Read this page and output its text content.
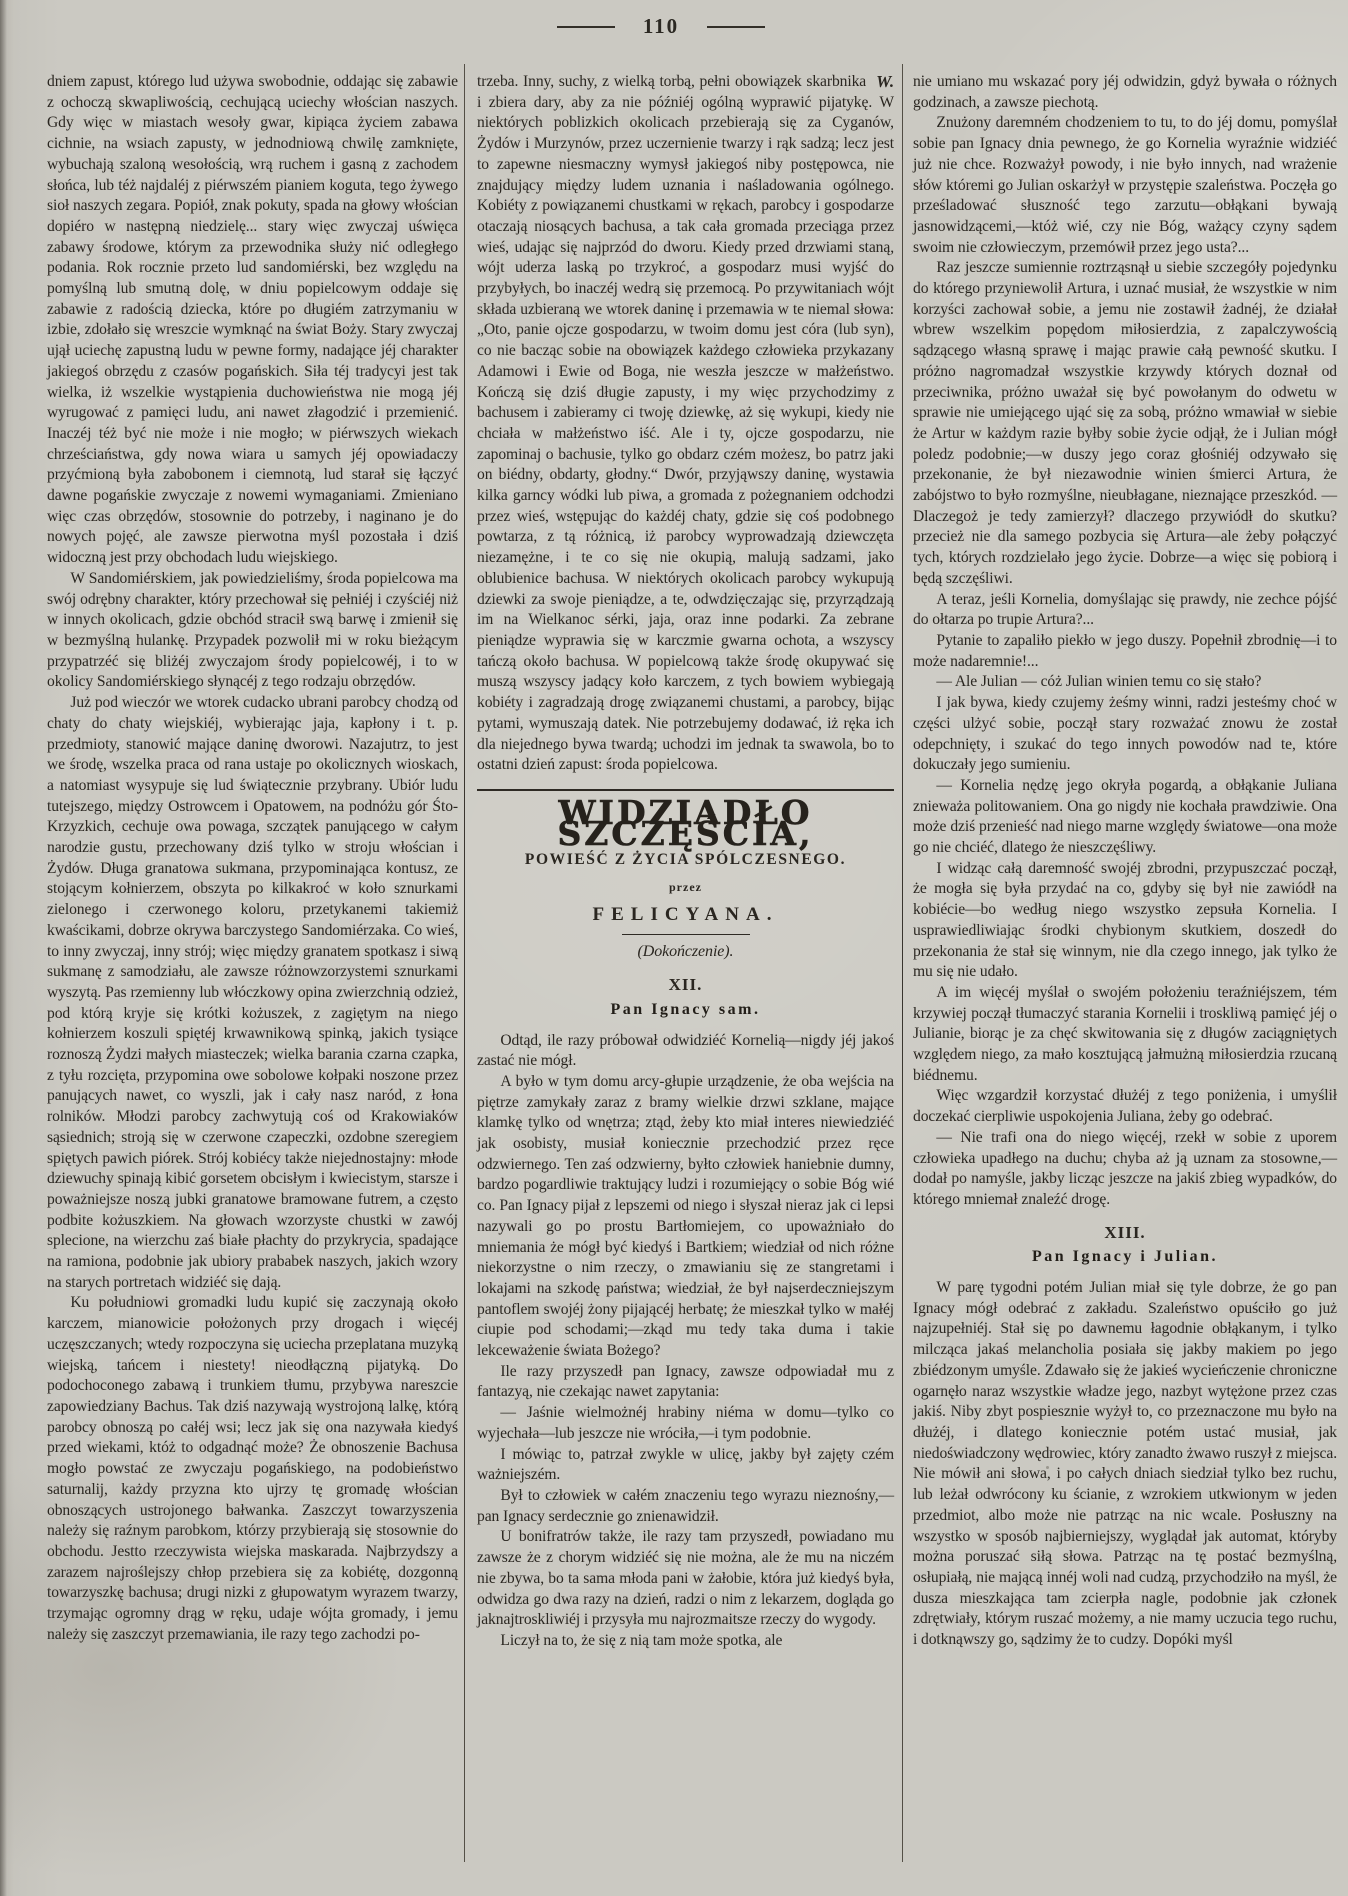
110

dniem zapust, którego lud używa swobodnie, oddając się zabawie z ochoczą skwapliwością, cechującą uciechy włościan naszych. Gdy więc w miastach wesoły gwar, kipiąca życiem zabawa cichnie, na wsiach zapusty, w jednodniową chwilę zamknięte, wybuchają szaloną wesołością, wrą ruchem i gasną z zachodem słońca, lub téż najdaléj z piérwszém pianiem koguta, tego żywego sioł naszych zegara. Popiół, znak pokuty, spada na głowy włościan dopiéro w następną niedzielę... stary więc zwyczaj uświęca zabawy środowe, którym za przewodnika służy nić odległego podania. Rok rocznie przeto lud sandomiérski, bez względu na pomyślną lub smutną dolę, w dniu popielcowym oddaje się zabawie z radością dziecka, które po długiém zatrzymaniu w izbie, zdołało się wreszcie wymknąć na świat Boży. Stary zwyczaj ujął uciechę zapustną ludu w pewne formy, nadające jéj charakter jakiegoś obrzędu z czasów pogańskich. Siła téj tradycyi jest tak wielka, iż wszelkie wystąpienia duchowieństwa nie mogą jéj wyrugować z pamięci ludu, ani nawet złagodzić i przemienić. Inaczéj téż być nie może i nie mogło; w piérwszych wiekach chrześciaństwa, gdy nowa wiara u samych jéj opowiadaczy przyćmioną była zabobonem i ciemnotą, lud starał się łączyć dawne pogańskie zwyczaje z nowemi wymaganiami. Zmieniano więc czas obrzędów, stosownie do potrzeby, i naginano je do nowych pojęć, ale zawsze pierwotna myśl pozostała i dziś widoczną jest przy obchodach ludu wiejskiego.

W Sandomiérskiem, jak powiedzieliśmy, środa popielcowa ma swój odrębny charakter, który przechował się pełniéj i czyściéj niż w innych okolicach, gdzie obchód stracił swą barwę i zmienił się w bezmyślną hulankę. Przypadek pozwolił mi w roku bieżącym przypatrzéć się bliżéj zwyczajom środy popielcowéj, i to w okolicy Sandomiérskiego słynącéj z tego rodzaju obrzędów.

Już pod wieczór we wtorek cudacko ubrani parobcy chodzą od chaty do chaty wiejskiéj, wybierając jaja, kapłony i t. p. przedmioty, stanowić mające daninę dworowi. Nazajutrz, to jest we środę, wszelka praca od rana ustaje po okolicznych wioskach, a natomiast wysypuje się lud świątecznie przybrany. Ubiór ludu tutejszego, między Ostrowcem i Opatowem, na podnóżu gór Śto-Krzyzkich, cechuje owa powaga, szczątek panującego w całym narodzie gustu, przechowany dziś tylko w stroju włościan i Żydów. Długa granatowa sukmana, przypominająca kontusz, ze stojącym kołnierzem, obszyta po kilkakroć w koło sznurkami zielonego i czerwonego koloru, przetykanemi takiemiż kwaścikami, dobrze okrywa barczystego Sandomiérzaka. Co wieś, to inny zwyczaj, inny strój; więc między granatem spotkasz i siwą sukmanę z samodziału, ale zawsze różnowzorzystemi sznurkami wyszytą. Pas rzemienny lub włóczkowy opina zwierzchnią odzież, pod którą kryje się krótki kożuszek, z zagiętym na niego kołnierzem koszuli spiętéj krwawnikową spinką, jakich tysiące roznoszą Żydzi małych miasteczek; wielka barania czarna czapka, z tyłu rozcięta, przypomina owe sobolowe kołpaki noszone przez panujących nawet, co wyszli, jak i cały nasz naród, z łona rolników. Młodzi parobcy zachwytują coś od Krakowiaków sąsiednich; stroją się w czerwone czapeczki, ozdobne szeregiem spiętych pawich piórek. Strój kobiécy także niejednostajny: młode dziewuchy spinają kibić gorsetem obcisłym i kwiecistym, starsze i poważniejsze noszą jubki granatowe bramowane futrem, a często podbite kożuszkiem. Na głowach wzorzyste chustki w zawój splecione, na wierzchu zaś białe płachty do przykrycia, spadające na ramiona, podobnie jak ubiory prababek naszych, jakich wzory na starych portretach widziéć się dają.

Ku południowi gromadki ludu kupić się zaczynają około karczem, mianowicie położonych przy drogach i więcéj uczęszczanych; wtedy rozpoczyna się uciecha przeplatana muzyką wiejską, tańcem i niestety! nieodłączną pijatyką. Do podochoconego zabawą i trunkiem tłumu, przybywa nareszcie zapowiedziany Bachus. Tak dziś nazywają wystrojoną lalkę, którą parobcy obnoszą po całéj wsi; lecz jak się ona nazywała kiedyś przed wiekami, któż to odgadnąć może? Że obnoszenie Bachusa mogło powstać ze zwyczaju pogańskiego, na podobieństwo saturnalij, każdy przyzna kto ujrzy tę gromadę włościan obnoszących ustrojonego bałwanka. Zaszczyt towarzyszenia należy się raźnym parobkom, którzy przybierają się stosownie do obchodu. Jestto rzeczywista wiejska maskarada. Najbrzydszy a zarazem najroślejszy chłop przebiera się za kobiétę, dozgonną towarzyszkę bachusa; drugi nizki z głupowatym wyrazem twarzy, trzymając ogromny drąg w ręku, udaje wójta gromady, i jemu należy się zaszczyt przemawiania, ile razy tego zachodzi po-

W.
trzeba. Inny, suchy, z wielką torbą, pełni obowiązek skarbnika i zbiera dary, aby za nie późniéj ogólną wyprawić pijatykę. W niektórych poblizkich okolicach przebierają się za Cyganów, Żydów i Murzynów, przez uczernienie twarzy i rąk sadzą; lecz jest to zapewne niesmaczny wymysł jakiegoś niby postępowca, nie znajdujący między ludem uznania i naśladowania ogólnego. Kobiéty z powiązanemi chustkami w rękach, parobcy i gospodarze otaczają niosących bachusa, a tak cała gromada przeciąga przez wieś, udając się najprzód do dworu. Kiedy przed drzwiami staną, wójt uderza laską po trzykroć, a gospodarz musi wyjść do przybyłych, bo inaczéj wedrą się przemocą. Po przywitaniach wójt składa uzbieraną we wtorek daninę i przemawia w te niemal słowa: „Oto, panie ojcze gospodarzu, w twoim domu jest córa (lub syn), co nie bacząc sobie na obowiązek każdego człowieka przykazany Adamowi i Ewie od Boga, nie weszła jeszcze w małżeństwo. Kończą się dziś długie zapusty, i my więc przychodzimy z bachusem i zabieramy ci twoję dziewkę, aż się wykupi, kiedy nie chciała w małżeństwo iść. Ale i ty, ojcze gospodarzu, nie zapominaj o bachusie, tylko go obdarz czém możesz, bo patrz jaki on biédny, obdarty, głodny.“ Dwór, przyjąwszy daninę, wystawia kilka garncy wódki lub piwa, a gromada z pożegnaniem odchodzi przez wieś, wstępując do każdéj chaty, gdzie się coś podobnego powtarza, z tą różnicą, iż parobcy wyprowadzają dziewczęta niezamężne, i te co się nie okupią, malują sadzami, jako oblubienice bachusa. W niektórych okolicach parobcy wykupują dziewki za swoje pieniądze, a te, odwdzięczając się, przyrządzają im na Wielkanoc sérki, jaja, oraz inne podarki. Za zebrane pieniądze wyprawia się w karczmie gwarna ochota, a wszyscy tańczą około bachusa. W popielcową także środę okupywać się muszą wszyscy jadący koło karczem, z tych bowiem wybiegają kobiéty i zagradzają drogę związanemi chustami, a parobcy, bijąc pytami, wymuszają datek. Nie potrzebujemy dodawać, iż ręka ich dla niejednego bywa twardą; uchodzi im jednak ta swawola, bo to ostatni dzień zapust: środa popielcowa.

WIDZIADŁO SZCZĘŚCIA,

POWIEŚĆ Z ŻYCIA SPÓLCZESNEGO.

przez

FELICYANA.

(Dokończenie).

XII.

Pan Ignacy sam.

Odtąd, ile razy próbował odwidziéć Kornelią—nigdy jéj jakoś zastać nie mógł.

A było w tym domu arcy-głupie urządzenie, że oba wejścia na piętrze zamykały zaraz z bramy wielkie drzwi szklane, mające klamkę tylko od wnętrza; ztąd, żeby kto miał interes niewiedziéć jak osobisty, musiał koniecznie przechodzić przez ręce odzwiernego. Ten zaś odzwierny, byłto człowiek haniebnie dumny, bardzo pogardliwie traktujący ludzi i rozumiejący o sobie Bóg wié co. Pan Ignacy pijał z lepszemi od niego i słyszał nieraz jak ci lepsi nazywali go po prostu Bartłomiejem, co upoważniało do mniemania że mógł być kiedyś i Bartkiem; wiedział od nich różne niekorzystne o nim rzeczy, o zmawianiu się ze stangretami i lokajami na szkodę państwa; wiedział, że był najserdeczniejszym pantoflem swojéj żony pijającéj herbatę; że mieszkał tylko w małéj ciupie pod schodami;—zkąd mu tedy taka duma i takie lekceważenie świata Bożego?

Ile razy przyszedł pan Ignacy, zawsze odpowiadał mu z fantazyą, nie czekając nawet zapytania:

— Jaśnie wielmożnéj hrabiny niéma w domu—tylko co wyjechała—lub jeszcze nie wróciła,—i tym podobnie.

I mówiąc to, patrzał zwykle w ulicę, jakby był zajęty czém ważniejszém.

Był to człowiek w całém znaczeniu tego wyrazu nieznośny,—pan Ignacy serdecznie go znienawidził.

U bonifratrów także, ile razy tam przyszedł, powiadano mu zawsze że z chorym widziéć się nie można, ale że mu na niczém nie zbywa, bo ta sama młoda pani w żałobie, która już kiedyś była, odwidza go dwa razy na dzień, radzi o nim z lekarzem, dogląda go jaknajtroskliwiéj i przysyła mu najrozmaitsze rzeczy do wygody.

Liczył na to, że się z nią tam może spotka, ale

nie umiano mu wskazać pory jéj odwidzin, gdyż bywała o różnych godzinach, a zawsze piechotą.

Znużony daremném chodzeniem to tu, to do jéj domu, pomyślał sobie pan Ignacy dnia pewnego, że go Kornelia wyraźnie widziéć już nie chce. Rozważył powody, i nie było innych, nad wrażenie słów któremi go Julian oskarżył w przystępie szaleństwa. Poczęła go prześladować słuszność tego zarzutu—obłąkani bywają jasnowidzącemi,—któż wié, czy nie Bóg, ważący czyny sądem swoim nie człowieczym, przemówił przez jego usta?...

Raz jeszcze sumiennie roztrząsnął u siebie szczegóły pojedynku do którego przyniewolił Artura, i uznać musiał, że wszystkie w nim korzyści zachował sobie, a jemu nie zostawił żadnéj, że działał wbrew wszelkim popędom miłosierdzia, z zapalczywością sądzącego własną sprawę i mając prawie całą pewność skutku. I próżno nagromadzał wszystkie krzywdy których doznał od przeciwnika, próżno uważał się być powołanym do odwetu w sprawie nie umiejącego ująć się za sobą, próżno wmawiał w siebie że Artur w każdym razie byłby sobie życie odjął, że i Julian mógł poledz podobnie;—w duszy jego coraz głośniéj odzywało się przekonanie, że był niezawodnie winien śmierci Artura, że zabójstwo to było rozmyślne, nieubłagane, nieznające przeszkód. — Dlaczegoż je tedy zamierzył? dlaczego przywiódł do skutku? przecież nie dla samego pozbycia się Artura—ale żeby połączyć tych, których rozdzielało jego życie. Dobrze—a więc się pobiorą i będą szczęśliwi.

A teraz, jeśli Kornelia, domyślając się prawdy, nie zechce pójść do ołtarza po trupie Artura?...

Pytanie to zapaliło piekło w jego duszy. Popełnił zbrodnię—i to może nadaremnie!...

— Ale Julian — cóż Julian winien temu co się stało?

I jak bywa, kiedy czujemy żeśmy winni, radzi jesteśmy choć w części ulżyć sobie, począł stary rozważać znowu że został odepchnięty, i szukać do tego innych powodów nad te, które dokuczały jego sumieniu.

— Kornelia nędzę jego okryła pogardą, a obłąkanie Juliana znieważa politowaniem. Ona go nigdy nie kochała prawdziwie. Ona może dziś przenieść nad niego marne względy światowe—ona może go nie chciéć, dlatego że nieszczęśliwy.

I widząc całą daremność swojéj zbrodni, przypuszczać począł, że mogła się była przydać na co, gdyby się był nie zawiódł na kobiécie—bo według niego wszystko zepsuła Kornelia. I usprawiedliwiając środki chybionym skutkiem, doszedł do przekonania że stał się winnym, nie dla czego innego, jak tylko że mu się nie udało.

A im więcéj myślał o swojém położeniu teraźniéjszem, tém krzywiej począł tłumaczyć starania Kornelii i troskliwą pamięć jéj o Julianie, biorąc je za chęć skwitowania się z długów zaciągniętych względem niego, za mało kosztującą jałmużną miłosierdzia rzucaną biédnemu.

Więc wzgardził korzystać dłużéj z tego poniżenia, i umyślił doczekać cierpliwie uspokojenia Juliana, żeby go odebrać.

— Nie trafi ona do niego więcéj, rzekł w sobie z uporem człowieka upadłego na duchu; chyba aż ją uznam za stosowne,—dodał po namyśle, jakby licząc jeszcze na jakiś zbieg wypadków, do którego mniemał znaleźć drogę.

XIII.

Pan Ignacy i Julian.

W parę tygodni potém Julian miał się tyle dobrze, że go pan Ignacy mógł odebrać z zakładu. Szaleństwo opuściło go już najzupełniéj. Stał się po dawnemu łagodnie obłąkanym, i tylko milcząca jakaś melancholia posiała się jakby makiem po jego zbiédzonym umyśle. Zdawało się że jakieś wycieńczenie chroniczne ogarnęło naraz wszystkie władze jego, nazbyt wytężone przez czas jakiś. Niby zbyt pospiesznie wyżył to, co przeznaczone mu było na dłużéj, i dlatego koniecznie potém ustać musiał, jak niedoświadczony wędrowiec, który zanadto żwawo ruszył z miejsca. Nie mówił ani słowa, i po całych dniach siedział tylko bez ruchu, lub leżał odwrócony ku ścianie, z wzrokiem utkwionym w jeden przedmiot, albo może nie patrząc na nic wcale. Posłuszny na wszystko w sposób najbierniejszy, wyglądał jak automat, któryby można poruszać siłą słowa. Patrząc na tę postać bezmyślną, osłupiałą, nie mającą innéj woli nad cudzą, przychodziło na myśl, że dusza mieszkająca tam zcierpła nagle, podobnie jak członek zdrętwiały, którym ruszać możemy, a nie mamy uczucia tego ruchu, i dotknąwszy go, sądzimy że to cudzy. Dopóki myśl
